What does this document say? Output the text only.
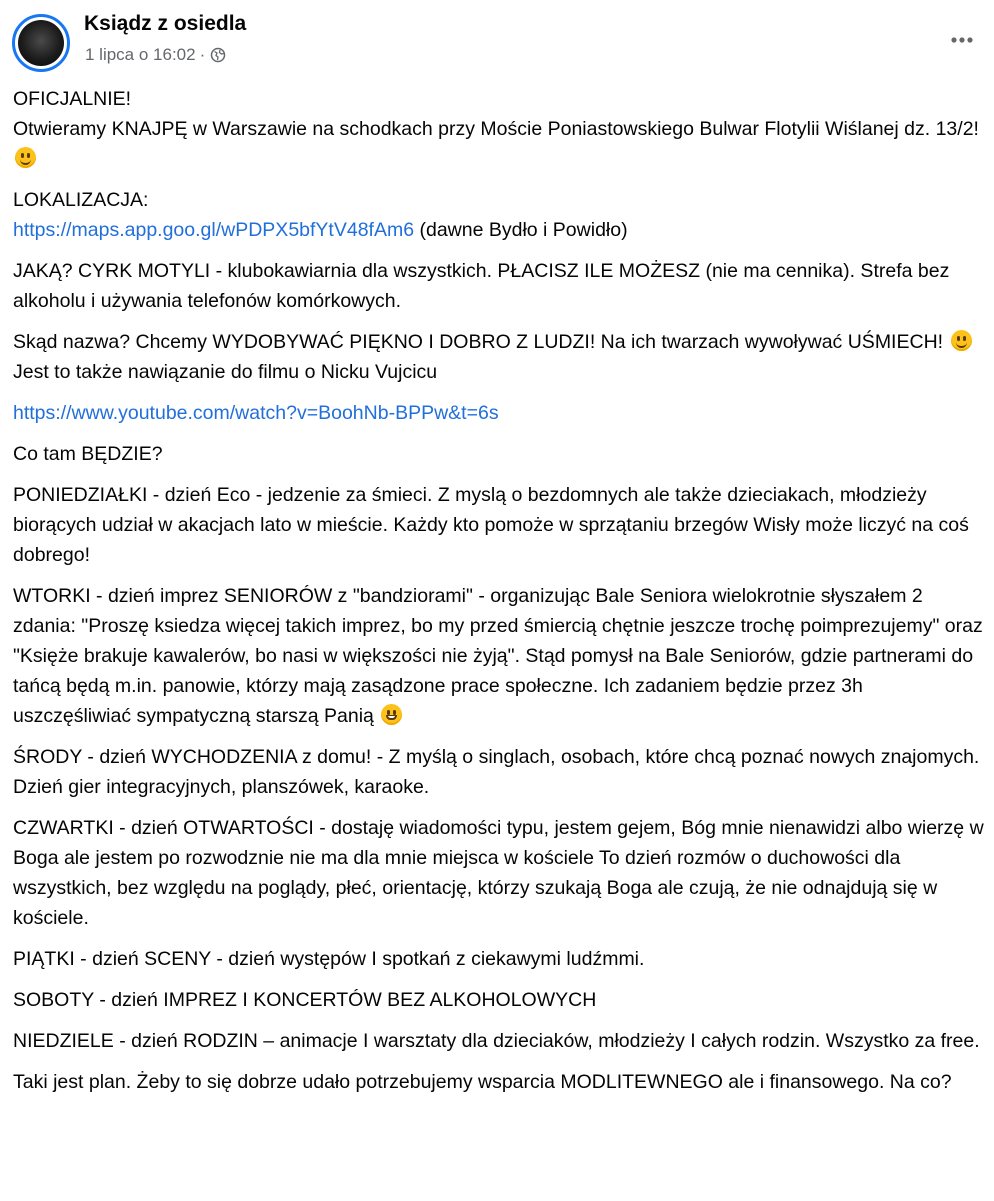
Ksiądz z osiedla
1 lipca o 16:02 ·

OFICJALNIE!
Otwieramy KNAJPĘ w Warszawie na schodkach przy Moście Poniastowskiego Bulwar Flotylii Wiślanej dz. 13/2!

LOKALIZACJA:
https://maps.app.goo.gl/wPDPX5bfYtV48fAm6 (dawne Bydło i Powidło)

JAKĄ? CYRK MOTYLI - klubokawiarnia dla wszystkich. PŁACISZ ILE MOŻESZ (nie ma cennika). Strefa bez alkoholu i używania telefonów komórkowych.

Skąd nazwa? Chcemy WYDOBYWAĆ PIĘKNO I DOBRO Z LUDZI! Na ich twarzach wywoływać UŚMIECH!
Jest to także nawiązanie do filmu o Nicku Vujcicu

https://www.youtube.com/watch?v=BoohNb-BPPw&t=6s

Co tam BĘDZIE?

PONIEDZIAŁKI - dzień Eco - jedzenie za śmieci. Z myslą o bezdomnych ale także dzieciakach, młodzieży biorących udział w akacjach lato w mieście. Każdy kto pomoże w sprzątaniu brzegów Wisły może liczyć na coś dobrego!

WTORKI - dzień imprez SENIORÓW z "bandziorami" - organizując Bale Seniora wielokrotnie słyszałem 2 zdania: "Proszę ksiedza więcej takich imprez, bo my przed śmiercią chętnie jeszcze trochę poimprezujemy" oraz "Księże brakuje kawalerów, bo nasi w większości nie żyją". Stąd pomysł na Bale Seniorów, gdzie partnerami do tańcą będą m.in. panowie, którzy mają zasądzone prace społeczne. Ich zadaniem będzie przez 3h uszczęśliwiać sympatyczną starszą Panią

ŚRODY - dzień WYCHODZENIA z domu! - Z myślą o singlach, osobach, które chcą poznać nowych znajomych. Dzień gier integracyjnych, planszówek, karaoke.

CZWARTKI - dzień OTWARTOŚCI - dostaję wiadomości typu, jestem gejem, Bóg mnie nienawidzi albo wierzę w Boga ale jestem po rozwodznie nie ma dla mnie miejsca w kościele To dzień rozmów o duchowości dla wszystkich, bez względu na poglądy, płeć, orientację, którzy szukają Boga ale czują, że nie odnajdują się w kościele.

PIĄTKI - dzień SCENY - dzień występów I spotkań z ciekawymi ludźmmi.

SOBOTY - dzień IMPREZ I KONCERTÓW BEZ ALKOHOLOWYCH

NIEDZIELE - dzień RODZIN – animacje I warsztaty dla dzieciaków, młodzieży I całych rodzin. Wszystko za free.

Taki jest plan. Żeby to się dobrze udało potrzebujemy wsparcia MODLITEWNEGO ale i finansowego. Na co?
